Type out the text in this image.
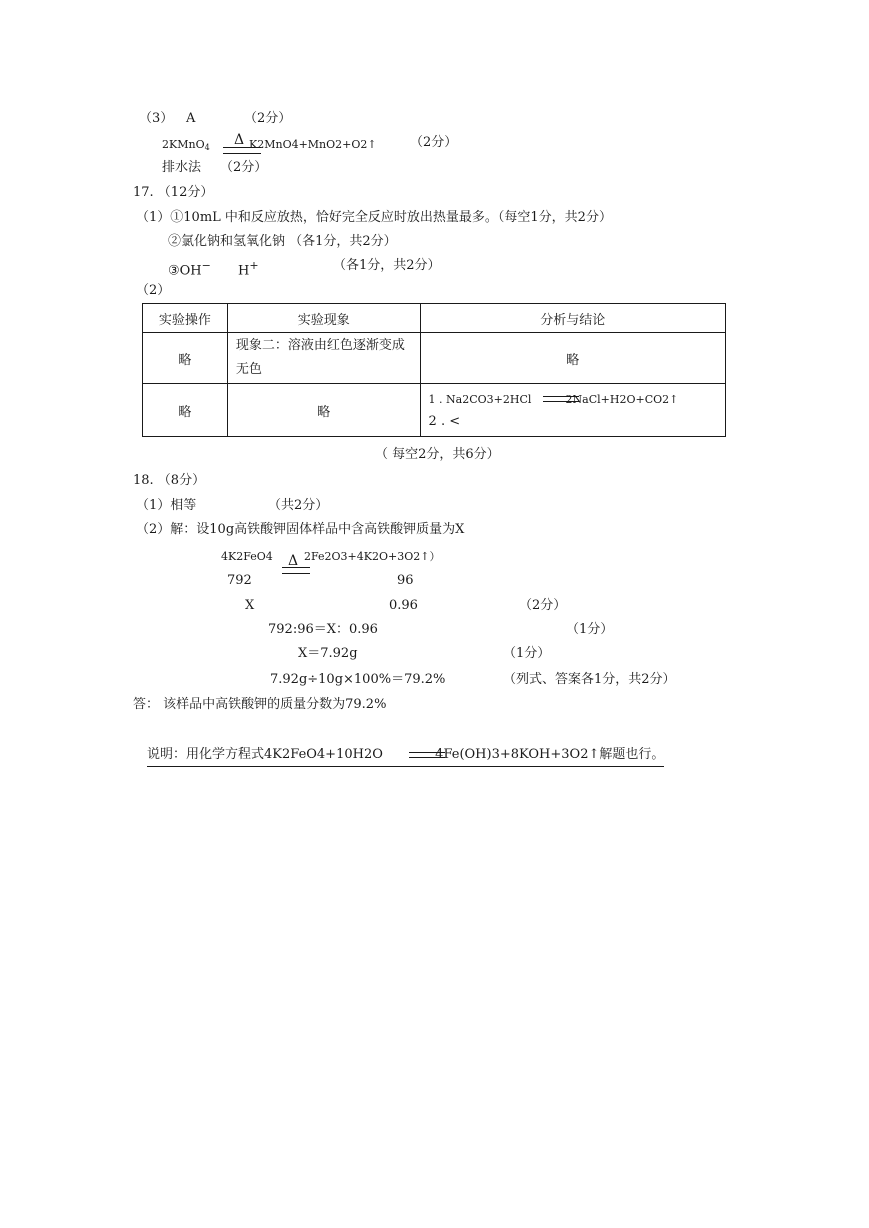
（3） A	（2分）
2KMnO$_4$ Δ K2MnO4+MnO2+O2↑	（2分）
排水法 （2分）
17. （12分）
（1）①10mL 中和反应放热，恰好完全反应时放出热量最多。（每空1分，共2分）
②氯化钠和氢氧化钠 （各1分，共2分）
③OH− H+	（各1分，共2分）
（2）
实验操作	实验现象	分析与结论
略	现象二：溶液由红色逐渐变成无色	略
略	略	1 . Na2CO3+2HCl 2NaCl+H2O+CO2↑
2 . <
（ 每空2分，共6分）
18. （8分）
（1）相等	（共2分）
（2）解：设10g高铁酸钾固体样品中含高铁酸钾质量为X
4K2FeO4 Δ 2Fe2O3+4K2O+3O2↑）
792	96
X	0.96	（2分）
792:96＝X：0.96	（1分）
X＝7.92g	（1分）
7.92g÷10g×100%＝79.2%	（列式、答案各1分，共2分）
答： 该样品中高铁酸钾的质量分数为79.2%
说明：用化学方程式4K2FeO4+10H2O	4Fe(OH)3+8KOH+3O2↑解题也行。
